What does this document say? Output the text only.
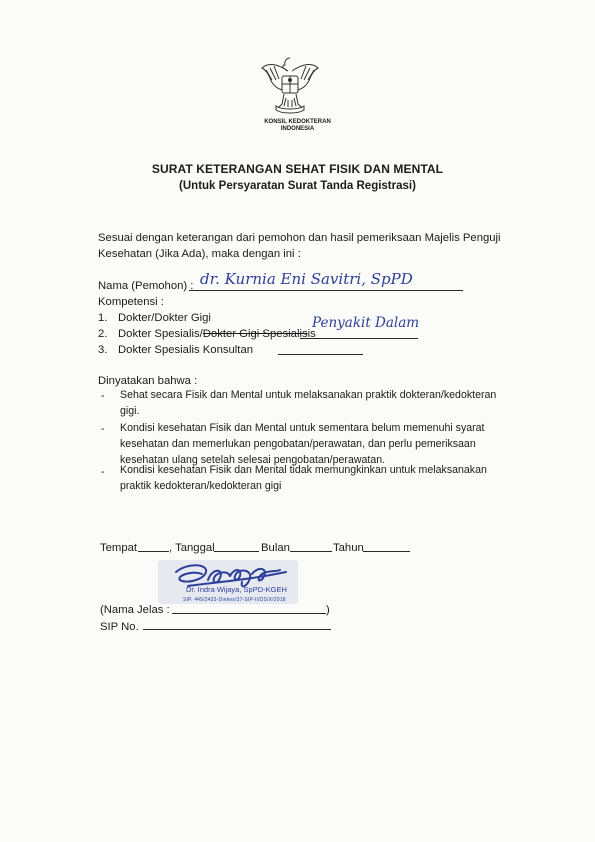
KONSIL KEDOKTERAN
INDONESIA
SURAT KETERANGAN SEHAT FISIK DAN MENTAL
(Untuk Persyaratan Surat Tanda Registrasi)
Sesuai dengan keterangan dari pemohon dan hasil pemeriksaan Majelis Penguji
Kesehatan (Jika Ada), maka dengan ini :
Nama (Pemohon) : dr. Kurnia Eni Savitri, SpPD
Kompetensi :
1. Dokter/Dokter Gigi
2. Dokter Spesialis/Dokter Gigi Spesialisis
Penyakit Dalam
3. Dokter Spesialis Konsultan
Dinyatakan bahwa :
- Sehat secara Fisik dan Mental untuk melaksanakan praktik dokteran/kedokteran
gigi.
- Kondisi kesehatan Fisik dan Mental untuk sementara belum memenuhi syarat
kesehatan dan memerlukan pengobatan/perawatan, dan perlu pemeriksaan
kesehatan ulang setelah selesai pengobatan/perawatan.
- Kondisi kesehatan Fisik dan Mental tidak memungkinkan untuk melaksanakan
praktik kedokteran/kedokteran gigi
Tempat	, Tanggal	Bulan	Tahun
Dr. Indra Wijaya, SpPD-KGEH
SIP. 445/2433-Dinkes/37-SIP-II/DS/X/2018
(Nama Jelas :	)
SIP No.
